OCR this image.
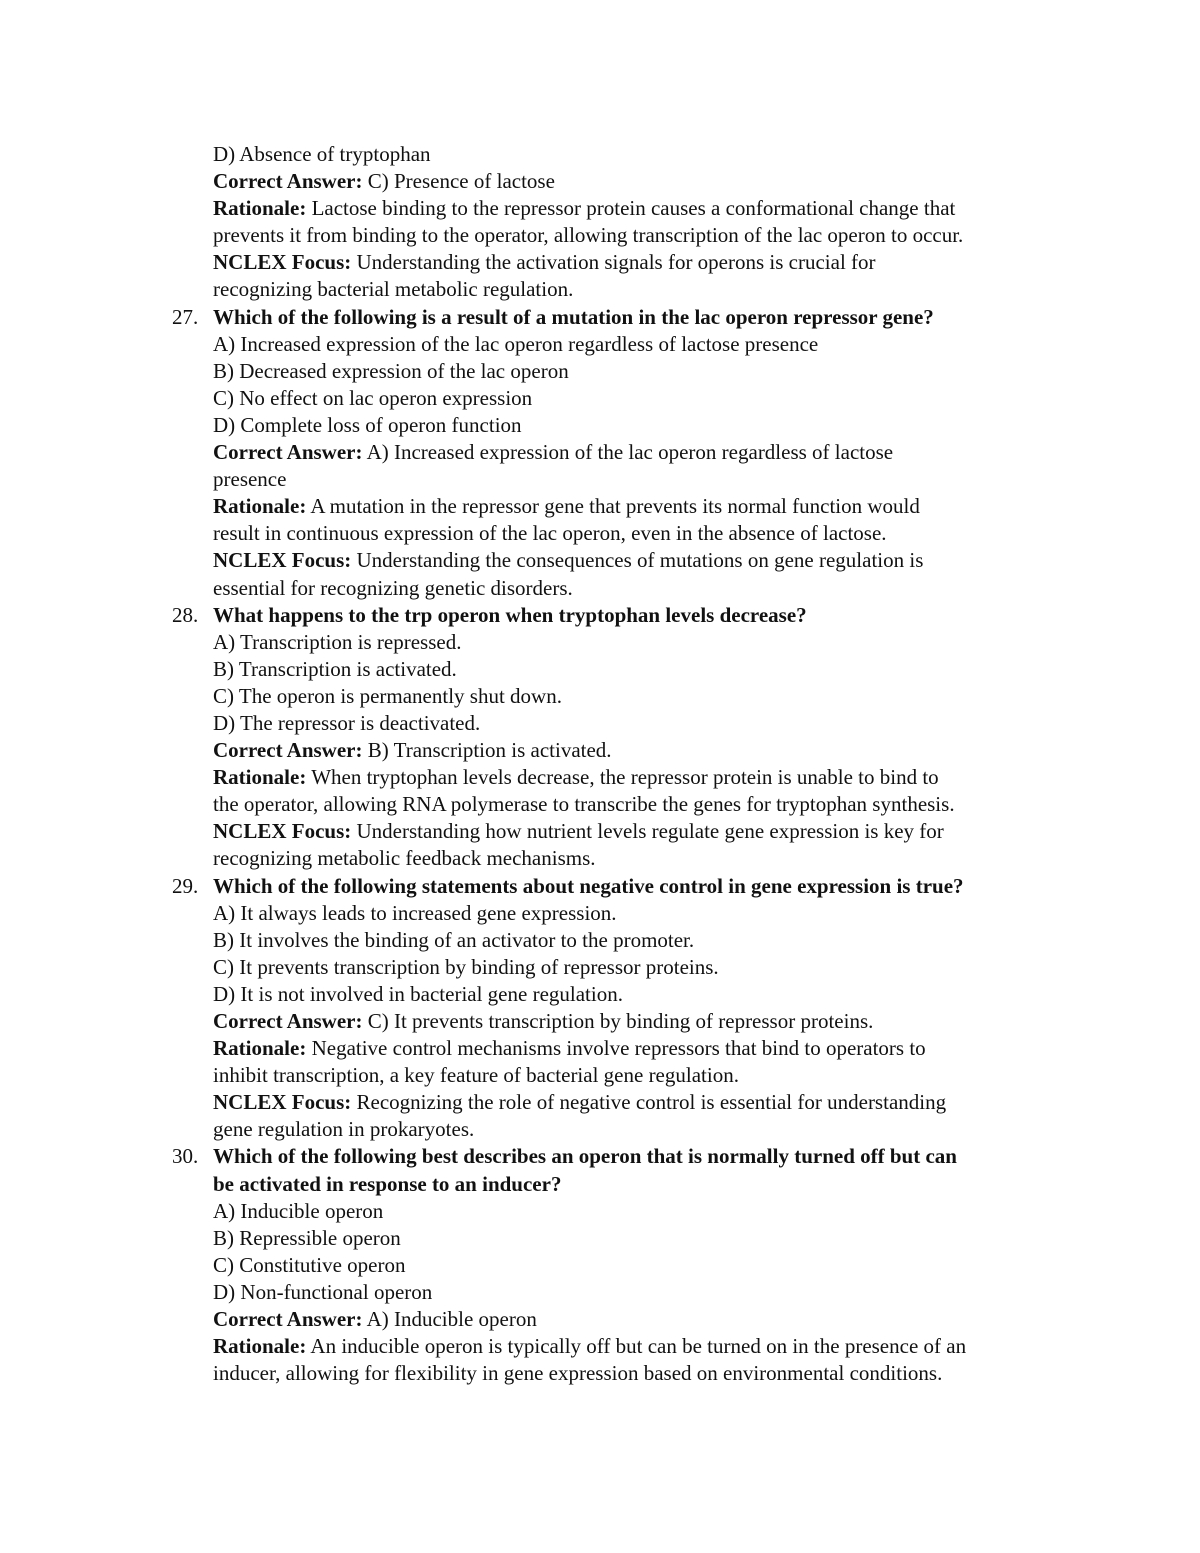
D) Absence of tryptophan
Correct Answer: C) Presence of lactose
Rationale: Lactose binding to the repressor protein causes a conformational change that
prevents it from binding to the operator, allowing transcription of the lac operon to occur.
NCLEX Focus: Understanding the activation signals for operons is crucial for
recognizing bacterial metabolic regulation.
27. Which of the following is a result of a mutation in the lac operon repressor gene?
A) Increased expression of the lac operon regardless of lactose presence
B) Decreased expression of the lac operon
C) No effect on lac operon expression
D) Complete loss of operon function
Correct Answer: A) Increased expression of the lac operon regardless of lactose
presence
Rationale: A mutation in the repressor gene that prevents its normal function would
result in continuous expression of the lac operon, even in the absence of lactose.
NCLEX Focus: Understanding the consequences of mutations on gene regulation is
essential for recognizing genetic disorders.
28. What happens to the trp operon when tryptophan levels decrease?
A) Transcription is repressed.
B) Transcription is activated.
C) The operon is permanently shut down.
D) The repressor is deactivated.
Correct Answer: B) Transcription is activated.
Rationale: When tryptophan levels decrease, the repressor protein is unable to bind to
the operator, allowing RNA polymerase to transcribe the genes for tryptophan synthesis.
NCLEX Focus: Understanding how nutrient levels regulate gene expression is key for
recognizing metabolic feedback mechanisms.
29. Which of the following statements about negative control in gene expression is true?
A) It always leads to increased gene expression.
B) It involves the binding of an activator to the promoter.
C) It prevents transcription by binding of repressor proteins.
D) It is not involved in bacterial gene regulation.
Correct Answer: C) It prevents transcription by binding of repressor proteins.
Rationale: Negative control mechanisms involve repressors that bind to operators to
inhibit transcription, a key feature of bacterial gene regulation.
NCLEX Focus: Recognizing the role of negative control is essential for understanding
gene regulation in prokaryotes.
30. Which of the following best describes an operon that is normally turned off but can
be activated in response to an inducer?
A) Inducible operon
B) Repressible operon
C) Constitutive operon
D) Non-functional operon
Correct Answer: A) Inducible operon
Rationale: An inducible operon is typically off but can be turned on in the presence of an
inducer, allowing for flexibility in gene expression based on environmental conditions.
